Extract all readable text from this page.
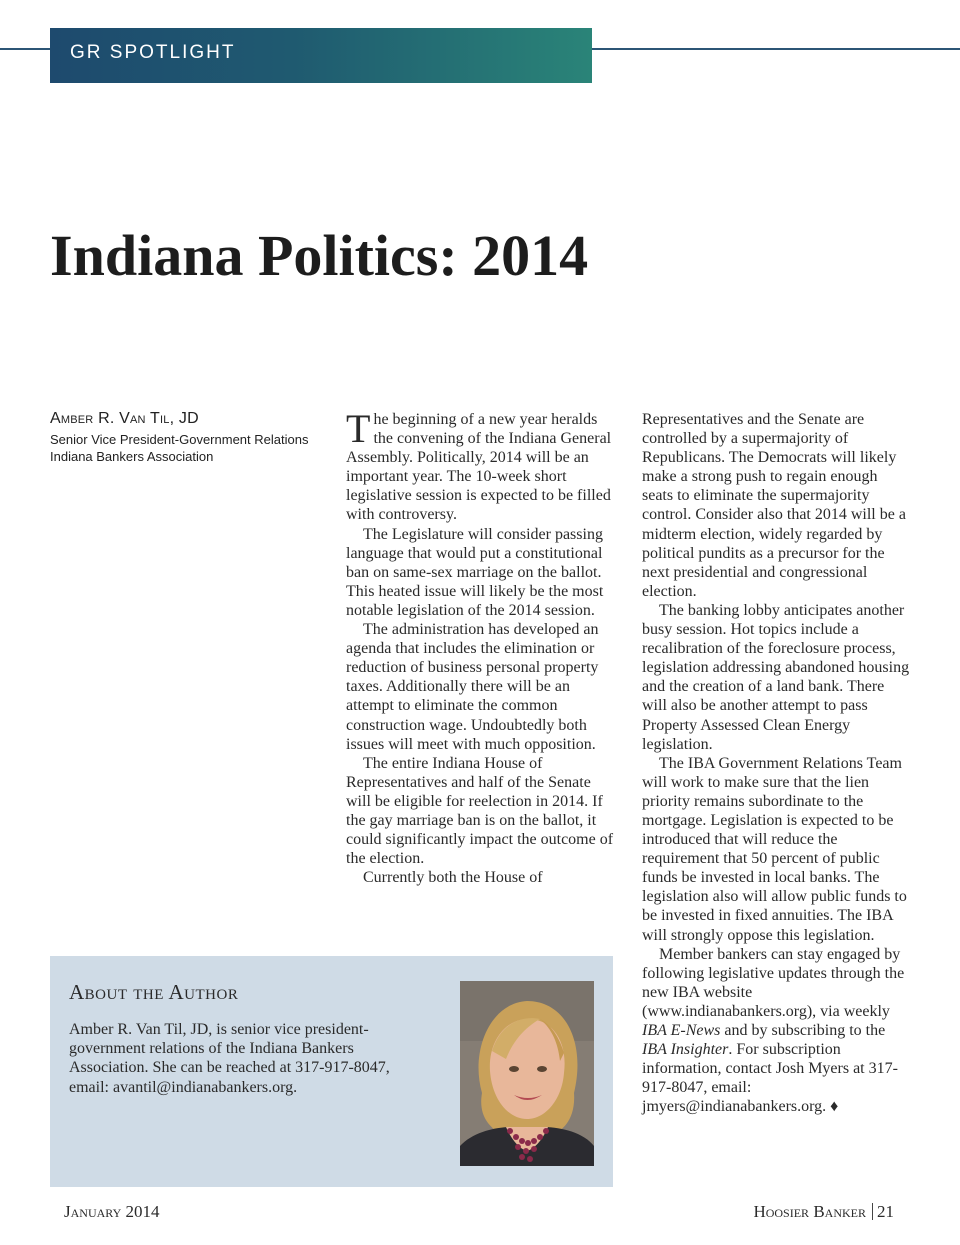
GR SPOTLIGHT
Indiana Politics: 2014
Amber R. Van Til, JD
Senior Vice President-Government Relations
Indiana Bankers Association

The beginning of a new year heralds the convening of the Indiana General Assembly. Politically, 2014 will be an important year. The 10-week short legislative session is expected to be filled with controversy.

The Legislature will consider passing language that would put a constitutional ban on same-sex marriage on the ballot. This heated issue will likely be the most notable legislation of the 2014 session.

The administration has developed an agenda that includes the elimination or reduction of business personal property taxes. Additionally there will be an attempt to eliminate the common construction wage. Undoubtedly both issues will meet with much opposition.

The entire Indiana House of Representatives and half of the Senate will be eligible for reelection in 2014. If the gay marriage ban is on the ballot, it could significantly impact the outcome of the election.

Currently both the House of

Representatives and the Senate are controlled by a supermajority of Republicans. The Democrats will likely make a strong push to regain enough seats to eliminate the supermajority control. Consider also that 2014 will be a midterm election, widely regarded by political pundits as a precursor for the next presidential and congressional election.

The banking lobby anticipates another busy session. Hot topics include a recalibration of the foreclosure process, legislation addressing abandoned housing and the creation of a land bank. There will also be another attempt to pass Property Assessed Clean Energy legislation.

The IBA Government Relations Team will work to make sure that the lien priority remains subordinate to the mortgage. Legislation is expected to be introduced that will reduce the requirement that 50 percent of public funds be invested in local banks. The legislation also will allow public funds to be invested in fixed annuities. The IBA will strongly oppose this legislation.

Member bankers can stay engaged by following legislative updates through the new IBA website (www.indianabankers.org), via weekly IBA E-News and by subscribing to the IBA Insighter. For subscription information, contact Josh Myers at 317-917-8047, email: jmyers@indianabankers.org. ♦

About the Author
Amber R. Van Til, JD, is senior vice president-government relations of the Indiana Bankers Association. She can be reached at 317-917-8047, email: avantil@indianabankers.org.
January 2014	Hoosier Banker 21
